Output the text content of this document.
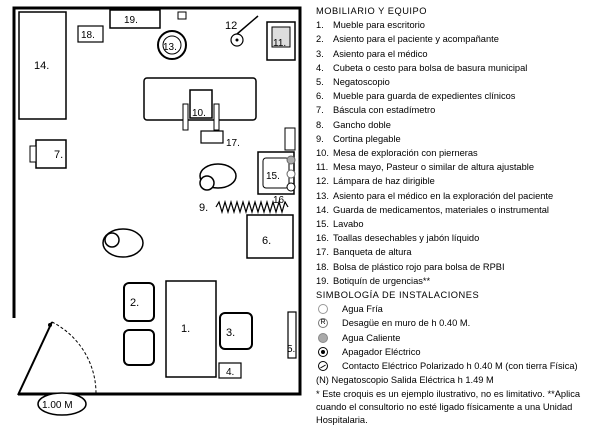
14.
18.
19.
13.
12
11.
10.
7.
17.
15.
16.
9.
6.
1.
2.
3.
4.
5.
1.00 M
MOBILIARIO Y EQUIPO
1. Mueble para escritorio
2. Asiento para el paciente y acompañante
3. Asiento para el médico
4. Cubeta o cesto para bolsa de basura municipal
5. Negatoscopio
6. Mueble para guarda de expedientes clínicos
7. Báscula con estadímetro
8. Gancho doble
9. Cortina plegable
10. Mesa de exploración con pierneras
11. Mesa mayo, Pasteur o similar de altura ajustable
12. Lámpara de haz dirigible
13. Asiento para el médico en la exploración del paciente
14. Guarda de medicamentos, materiales o instrumental
15. Lavabo
16. Toallas desechables y jabón líquido
17. Banqueta de altura
18. Bolsa de plástico rojo para bolsa de RPBI
19. Botiquín de urgencias**
SIMBOLOGÍA DE INSTALACIONES
Agua Fría
R Desagüe en muro de h 0.40 M.
Agua Caliente
Apagador Eléctrico
Contacto Eléctrico Polarizado h 0.40 M (con tierra Física)
(N) Negatoscopio Salida Eléctrica h 1.49 M
* Este croquis es un ejemplo ilustrativo, no es limitativo. **Aplica cuando el consultorio no esté ligado físicamente a una Unidad Hospitalaria.
